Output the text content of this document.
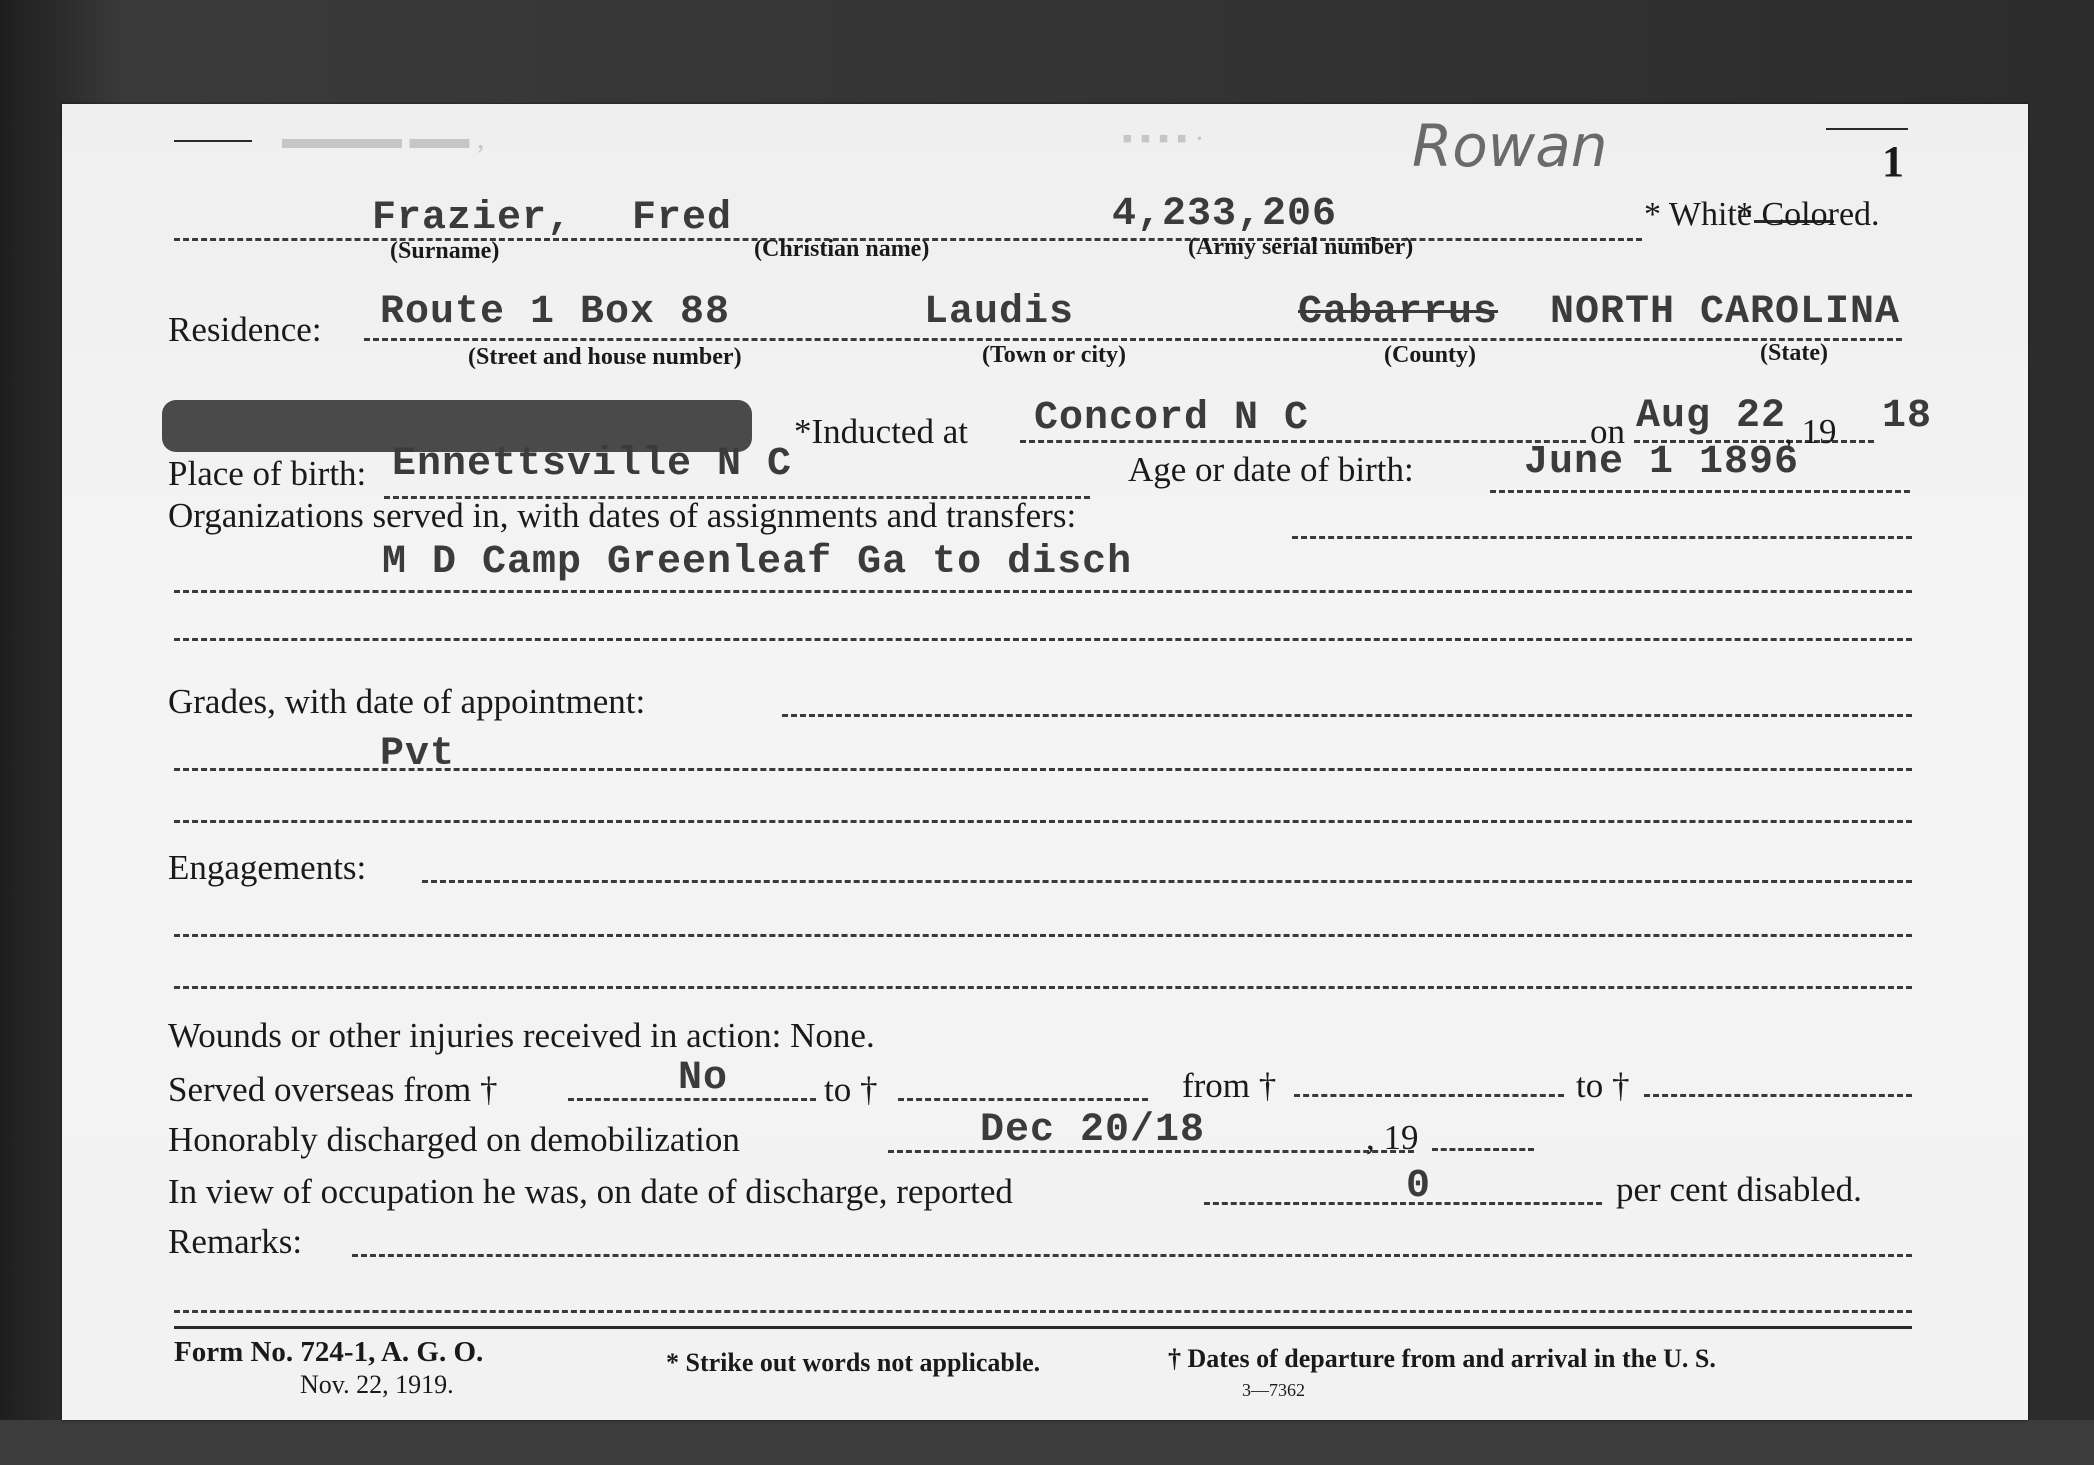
▬▬▬▬ ▬▬ ,	▪ ▪ ▪ ▪ ·	1
Rowan
Frazier, Fred	4,233,206	* White
* Colored.
(Surname)	(Christian name)	(Army serial number)
Residence: Route 1 Box 88	Laudis	Cabarrus NORTH CAROLINA
(Street and house number)	(Town or city)	(County)	(State)
*Inducted at Concord N C	on Aug 22
, 19 18
Place of birth: Ennettsville N C	Age or date of birth:	June 1 1896
Organizations served in, with dates of assignments and transfers:
M D Camp Greenleaf Ga to disch
Grades, with date of appointment:
Pvt
Engagements:
Wounds or other injuries received in action: None.
Served overseas from †	No	to †	from †	to †
Honorably discharged on demobilization	Dec 20/18	, 19
In view of occupation he was, on date of discharge, reported	0	per cent disabled.
Remarks:
Form No. 724-1, A. G. O.
Nov. 22, 1919.
* Strike out words not applicable.	† Dates of departure from and arrival in the U. S.
3—7362
